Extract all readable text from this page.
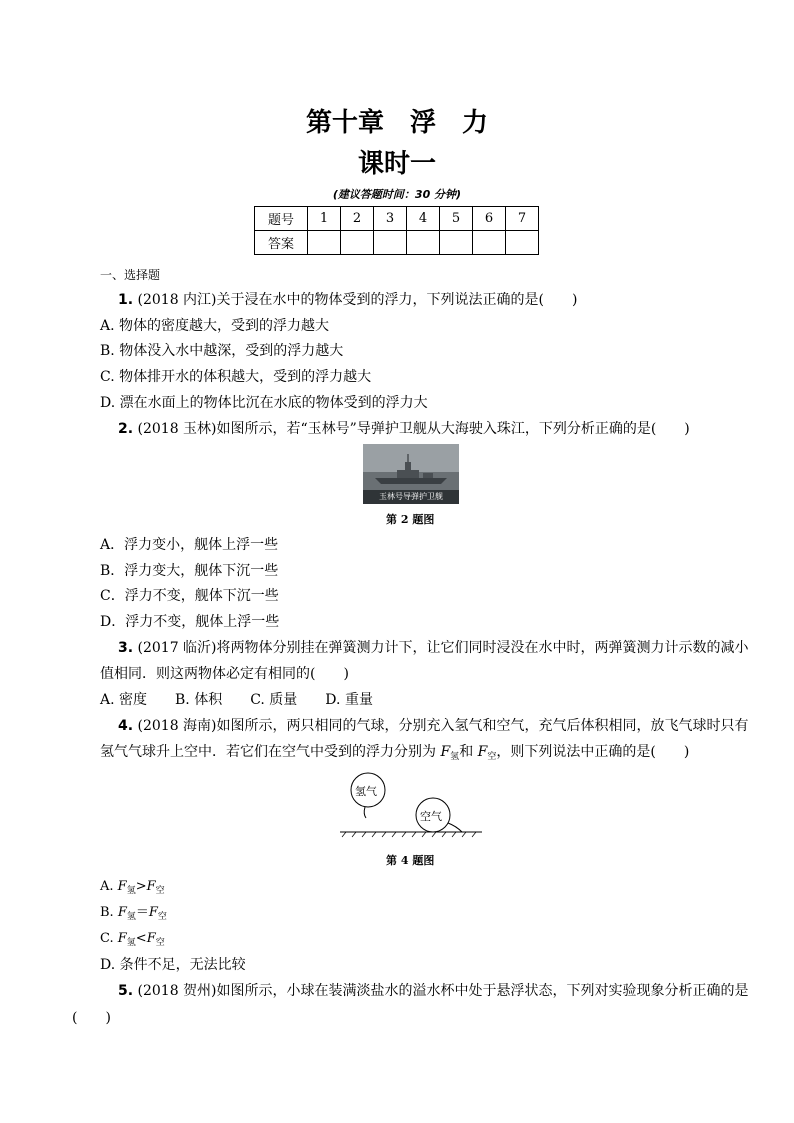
第十章　浮　力
课时一
(建议答题时间：30 分钟)
题号	1	2	3	4	5	6	7
答案							
一、选择题
1. (2018 内江)关于浸在水中的物体受到的浮力，下列说法正确的是(　　)
A. 物体的密度越大，受到的浮力越大
B. 物体没入水中越深，受到的浮力越大
C. 物体排开水的体积越大，受到的浮力越大
D. 漂在水面上的物体比沉在水底的物体受到的浮力大
2. (2018 玉林)如图所示，若“玉林号”导弹护卫舰从大海驶入珠江，下列分析正确的是(　　)
玉林号导弹护卫舰
第 2 题图
A．浮力变小，舰体上浮一些
B．浮力变大，舰体下沉一些
C．浮力不变，舰体下沉一些
D．浮力不变，舰体上浮一些
3. (2017 临沂)将两物体分别挂在弹簧测力计下，让它们同时浸没在水中时，两弹簧测力计示数的减小
值相同．则这两物体必定有相同的(　　)
A. 密度　　B. 体积　　C. 质量　　D. 重量
4. (2018 海南)如图所示，两只相同的气球，分别充入氢气和空气，充气后体积相同，放飞气球时只有
氢气气球升上空中．若它们在空气中受到的浮力分别为 $F_氢$和 $F_空$，则下列说法中正确的是(　　)
氢气
空气
第 4 题图
A. $F_氢>F_空$
B. $F_氢=F_空$
C. $F_氢<F_空$
D. 条件不足，无法比较
5. (2018 贺州)如图所示，小球在装满淡盐水的溢水杯中处于悬浮状态，下列对实验现象分析正确的是
(　　)
